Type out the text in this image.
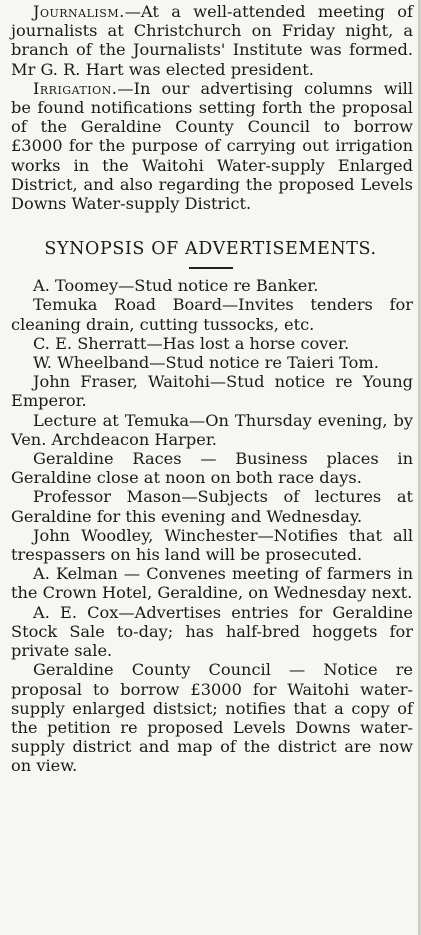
Journalism.—At a well-attended meeting of journalists at Christchurch on Friday night, a branch of the Journalists' Institute was formed. Mr G. R. Hart was elected president.

Irrigation.—In our advertising columns will be found notifications setting forth the proposal of the Geraldine County Council to borrow £3000 for the purpose of carrying out irrigation works in the Waitohi Water-supply Enlarged District, and also regarding the proposed Levels Downs Water-supply District.

SYNOPSIS OF ADVERTISEMENTS.

A. Toomey—Stud notice re Banker.

Temuka Road Board—Invites tenders for cleaning drain, cutting tussocks, etc.

C. E. Sherratt—Has lost a horse cover.

W. Wheelband—Stud notice re Taieri Tom.

John Fraser, Waitohi—Stud notice re Young Emperor.

Lecture at Temuka—On Thursday evening, by Ven. Archdeacon Harper.

Geraldine Races — Business places in Geraldine close at noon on both race days.

Professor Mason—Subjects of lectures at Geraldine for this evening and Wednesday.

John Woodley, Winchester—Notifies that all trespassers on his land will be prosecuted.

A. Kelman — Convenes meeting of farmers in the Crown Hotel, Geraldine, on Wednesday next.

A. E. Cox—Advertises entries for Geraldine Stock Sale to-day; has half-bred hoggets for private sale.

Geraldine County Council — Notice re proposal to borrow £3000 for Waitohi water-supply enlarged distsict; notifies that a copy of the petition re proposed Levels Downs water-supply district and map of the district are now on view.
